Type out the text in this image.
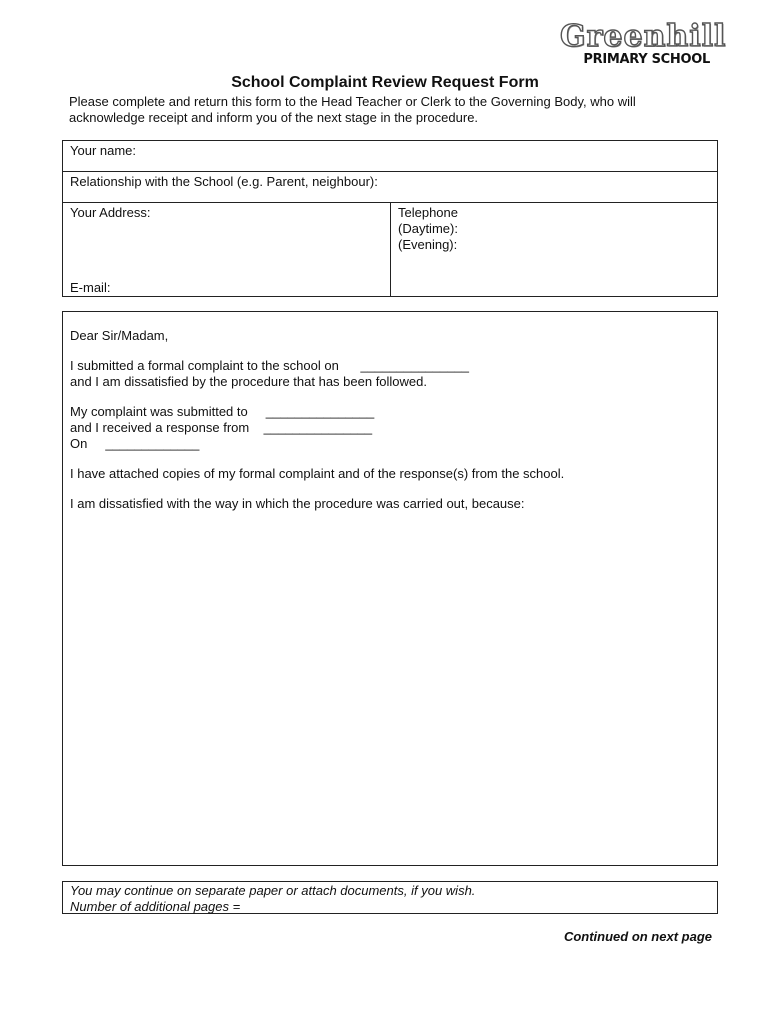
Greenhill
PRIMARY SCHOOL
School Complaint Review Request Form
Please complete and return this form to the Head Teacher or Clerk to the Governing Body, who will acknowledge receipt and inform you of the next stage in the procedure.
Your name:
Relationship with the School (e.g. Parent, neighbour):
Your Address:
E-mail:
Telephone
(Daytime):
(Evening):
Dear Sir/Madam,
I submitted a formal complaint to the school on      _______________
and I am dissatisfied by the procedure that has been followed.
My complaint was submitted to     _______________
and I received a response from    _______________
On     _____________
I have attached copies of my formal complaint and of the response(s) from the school.
I am dissatisfied with the way in which the procedure was carried out, because:
You may continue on separate paper or attach documents, if you wish.
Number of additional pages =
Continued on next page
